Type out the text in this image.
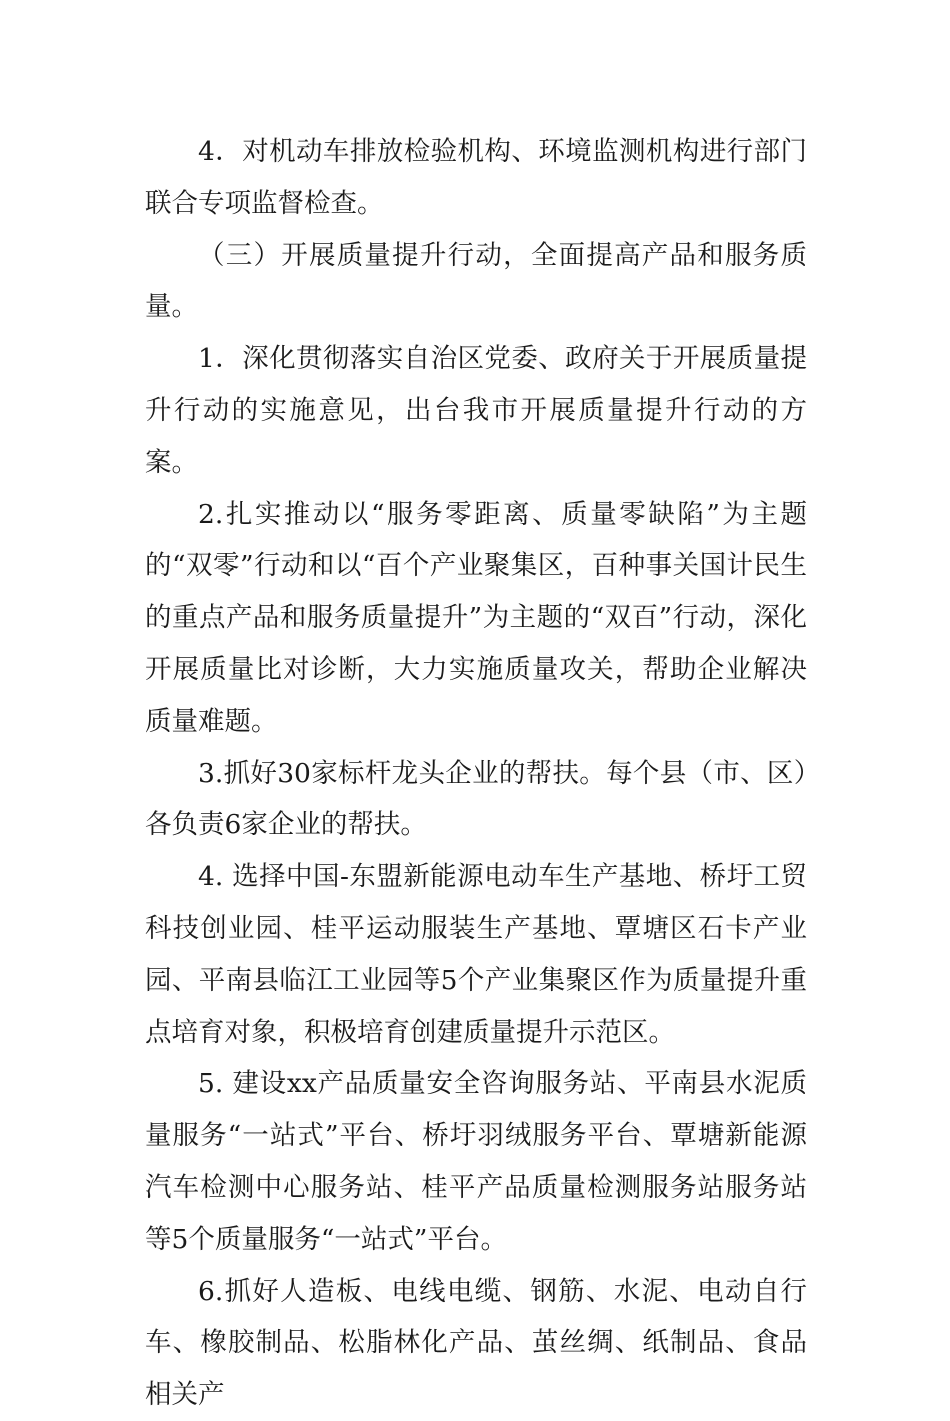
4．对机动车排放检验机构、环境监测机构进行部门联合专项监督检查。

（三）开展质量提升行动，全面提高产品和服务质量。

1．深化贯彻落实自治区党委、政府关于开展质量提升行动的实施意见，出台我市开展质量提升行动的方案。

2.扎实推动以“服务零距离、质量零缺陷”为主题的“双零”行动和以“百个产业聚集区，百种事关国计民生的重点产品和服务质量提升”为主题的“双百”行动，深化开展质量比对诊断，大力实施质量攻关，帮助企业解决质量难题。

3.抓好30家标杆龙头企业的帮扶。每个县（市、区）各负责6家企业的帮扶。

4. 选择中国-东盟新能源电动车生产基地、桥圩工贸科技创业园、桂平运动服装生产基地、覃塘区石卡产业园、平南县临江工业园等5个产业集聚区作为质量提升重点培育对象，积极培育创建质量提升示范区。

5. 建设xx产品质量安全咨询服务站、平南县水泥质量服务“一站式”平台、桥圩羽绒服务平台、覃塘新能源汽车检测中心服务站、桂平产品质量检测服务站服务站等5个质量服务“一站式”平台。

6.抓好人造板、电线电缆、钢筋、水泥、电动自行车、橡胶制品、松脂林化产品、茧丝绸、纸制品、食品相关产
